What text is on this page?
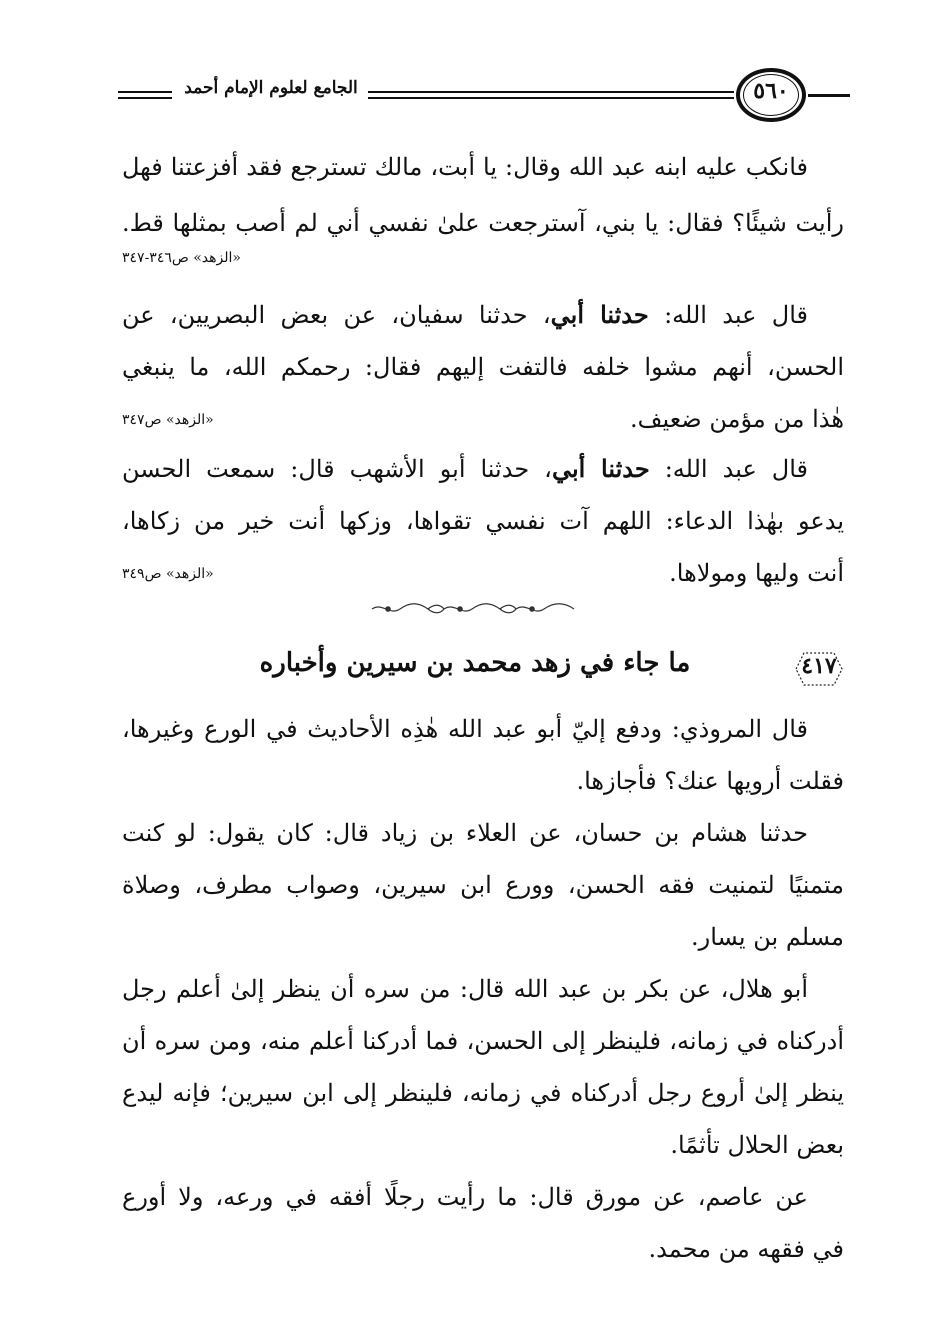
الجامع لعلوم الإمام أحمد	٥٦٠
فانكب عليه ابنه عبد الله وقال: يا أبت، مالك تسترجع فقد أفزعتنا فهل
رأيت شيئًا؟ فقال: يا بني، آسترجعت علىٰ نفسي أني لم أصب بمثلها قط.
«الزهد» ص٣٤٦-٣٤٧
قال عبد الله: حدثنا أبي، حدثنا سفيان، عن بعض البصريين، عن
الحسن، أنهم مشوا خلفه فالتفت إليهم فقال: رحمكم الله، ما ينبغي
هٰذا من مؤمن ضعيف.
«الزهد» ص٣٤٧
قال عبد الله: حدثنا أبي، حدثنا أبو الأشهب قال: سمعت الحسن
يدعو بهٰذا الدعاء: اللهم آت نفسي تقواها، وزكها أنت خير من زكاها،
أنت وليها ومولاها.
«الزهد» ص٣٤٩
٤١٧
ما جاء في زهد محمد بن سيرين وأخباره
قال المروذي: ودفع إليّ أبو عبد الله هٰذِه الأحاديث في الورع وغيرها،
فقلت أرويها عنك؟ فأجازها.
حدثنا هشام بن حسان، عن العلاء بن زياد قال: كان يقول: لو كنت
متمنيًا لتمنيت فقه الحسن، وورع ابن سيرين، وصواب مطرف، وصلاة
مسلم بن يسار.
أبو هلال، عن بكر بن عبد الله قال: من سره أن ينظر إلىٰ أعلم رجل
أدركناه في زمانه، فلينظر إلى الحسن، فما أدركنا أعلم منه، ومن سره أن
ينظر إلىٰ أروع رجل أدركناه في زمانه، فلينظر إلى ابن سيرين؛ فإنه ليدع
بعض الحلال تأثمًا.
عن عاصم، عن مورق قال: ما رأيت رجلًا أفقه في ورعه، ولا أورع
في فقهه من محمد.
